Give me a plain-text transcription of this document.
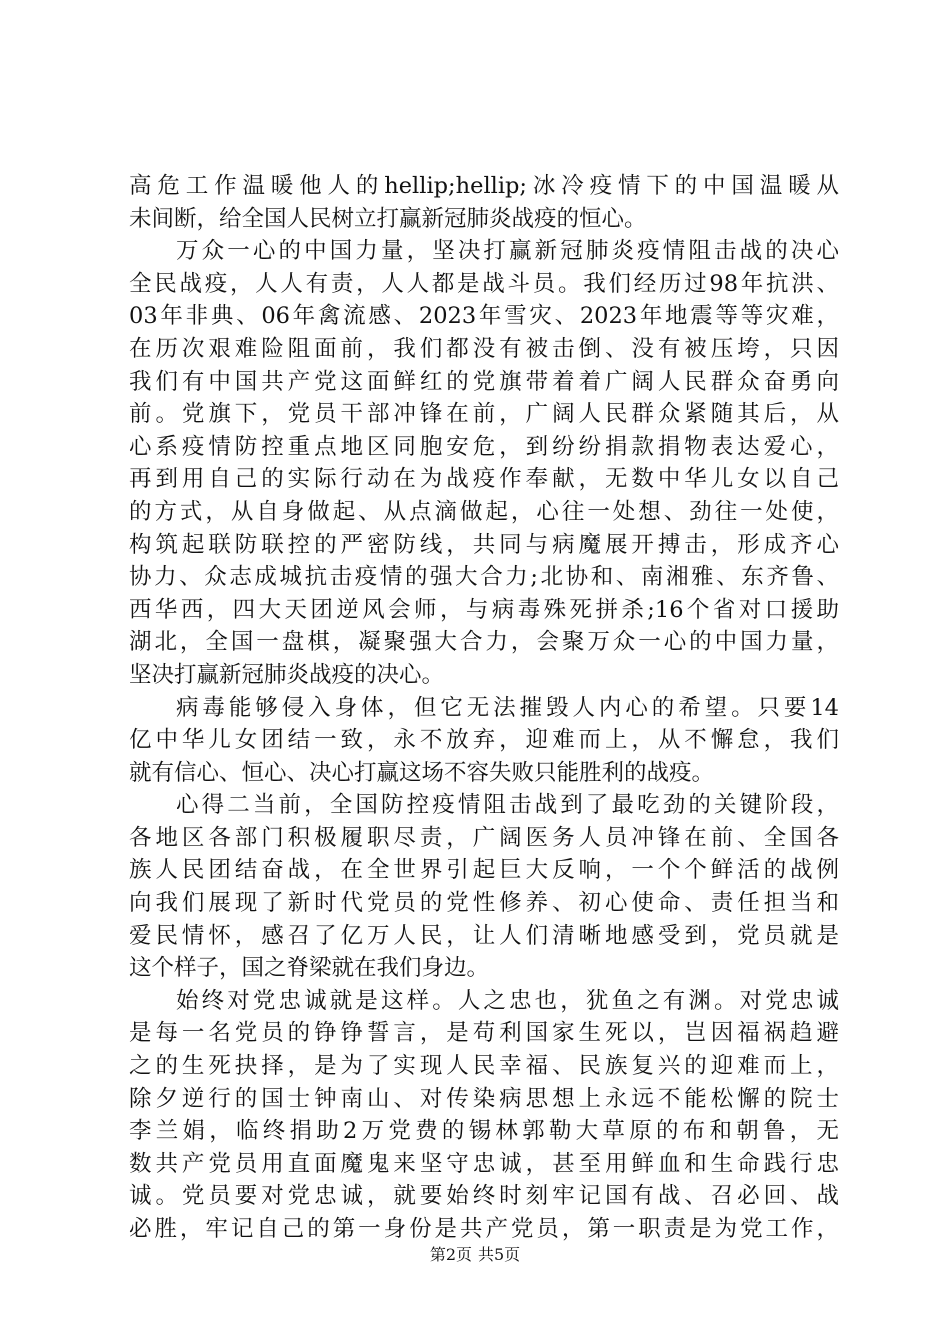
高危工作温暖他人的hellip;hellip;冰冷疫情下的中国温暖从
未间断，给全国人民树立打赢新冠肺炎战疫的恒心。
万众一心的中国力量，坚决打赢新冠肺炎疫情阻击战的决心
全民战疫，人人有责，人人都是战斗员。我们经历过98年抗洪、
03年非典、06年禽流感、2023年雪灾、2023年地震等等灾难，
在历次艰难险阻面前，我们都没有被击倒、没有被压垮，只因
我们有中国共产党这面鲜红的党旗带着着广阔人民群众奋勇向
前。党旗下，党员干部冲锋在前，广阔人民群众紧随其后，从
心系疫情防控重点地区同胞安危，到纷纷捐款捐物表达爱心，
再到用自己的实际行动在为战疫作奉献，无数中华儿女以自己
的方式，从自身做起、从点滴做起，心往一处想、劲往一处使，
构筑起联防联控的严密防线，共同与病魔展开搏击，形成齐心
协力、众志成城抗击疫情的强大合力;北协和、南湘雅、东齐鲁、
西华西，四大天团逆风会师，与病毒殊死拼杀;16个省对口援助
湖北，全国一盘棋，凝聚强大合力，会聚万众一心的中国力量，
坚决打赢新冠肺炎战疫的决心。
病毒能够侵入身体，但它无法摧毁人内心的希望。只要14
亿中华儿女团结一致，永不放弃，迎难而上，从不懈怠，我们
就有信心、恒心、决心打赢这场不容失败只能胜利的战疫。
心得二当前，全国防控疫情阻击战到了最吃劲的关键阶段，
各地区各部门积极履职尽责，广阔医务人员冲锋在前、全国各
族人民团结奋战，在全世界引起巨大反响，一个个鲜活的战例
向我们展现了新时代党员的党性修养、初心使命、责任担当和
爱民情怀，感召了亿万人民，让人们清晰地感受到，党员就是
这个样子，国之脊梁就在我们身边。
始终对党忠诚就是这样。人之忠也，犹鱼之有渊。对党忠诚
是每一名党员的铮铮誓言，是苟利国家生死以，岂因福祸趋避
之的生死抉择，是为了实现人民幸福、民族复兴的迎难而上，
除夕逆行的国士钟南山、对传染病思想上永远不能松懈的院士
李兰娟，临终捐助2万党费的锡林郭勒大草原的布和朝鲁，无
数共产党员用直面魔鬼来坚守忠诚，甚至用鲜血和生命践行忠
诚。党员要对党忠诚，就要始终时刻牢记国有战、召必回、战
必胜，牢记自己的第一身份是共产党员，第一职责是为党工作，
第2页 共5页
